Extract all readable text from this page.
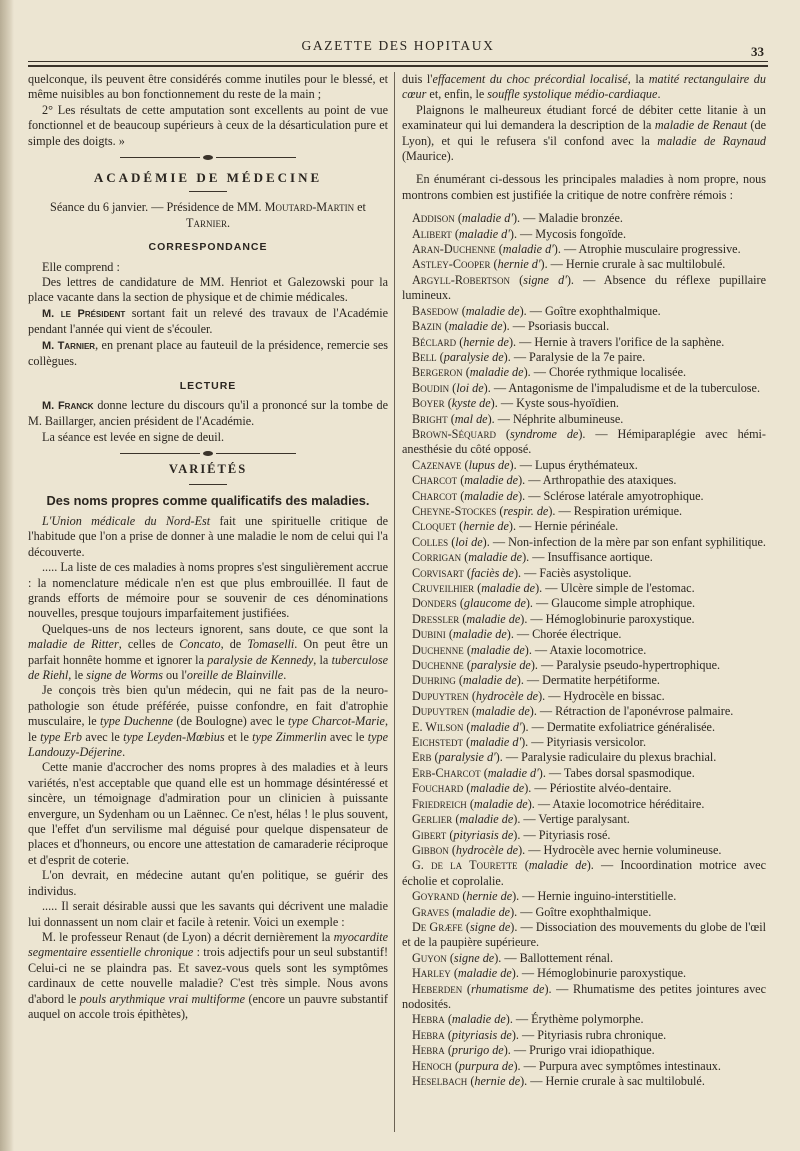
GAZETTE DES HOPITAUX	33

quelconque, ils peuvent être considérés comme inutiles pour le blessé, et même nuisibles au bon fonctionnement du reste de la main ;

2° Les résultats de cette amputation sont excellents au point de vue fonctionnel et de beaucoup supérieurs à ceux de la désarticulation pure et simple des doigts. »

ACADÉMIE DE MÉDECINE

Séance du 6 janvier. — Présidence de MM. Moutard-Martin et Tarnier.

CORRESPONDANCE

Elle comprend :

Des lettres de candidature de MM. Henriot et Galezowski pour la place vacante dans la section de physique et de chimie médicales.

M. le Président sortant fait un relevé des travaux de l'Académie pendant l'année qui vient de s'écouler.

M. Tarnier, en prenant place au fauteuil de la présidence, remercie ses collègues.

LECTURE

M. Franck donne lecture du discours qu'il a prononcé sur la tombe de M. Baillarger, ancien président de l'Académie.

La séance est levée en signe de deuil.

VARIÉTÉS
Des noms propres comme qualificatifs des maladies.

L'Union médicale du Nord-Est fait une spirituelle critique de l'habitude que l'on a prise de donner à une maladie le nom de celui qui l'a découverte.

..... La liste de ces maladies à noms propres s'est singulièrement accrue : la nomenclature médicale n'en est que plus embrouillée. Il faut de grands efforts de mémoire pour se souvenir de ces dénominations nouvelles, presque toujours imparfaitement justifiées.

Quelques-uns de nos lecteurs ignorent, sans doute, ce que sont la maladie de Ritter, celles de Concato, de Tomaselli. On peut être un parfait honnête homme et ignorer la paralysie de Kennedy, la tuberculose de Riehl, le signe de Worms ou l'oreille de Blainville.

Je conçois très bien qu'un médecin, qui ne fait pas de la neuro-pathologie son étude préférée, puisse confondre, en fait d'atrophie musculaire, le type Duchenne (de Boulogne) avec le type Charcot-Marie, le type Erb avec le type Leyden-Mœbius et le type Zimmerlin avec le type Landouzy-Déjerine.

Cette manie d'accrocher des noms propres à des maladies et à leurs variétés, n'est acceptable que quand elle est un hommage désintéressé et sincère, un témoignage d'admiration pour un clinicien à puissante envergure, un Sydenham ou un Laënnec. Ce n'est, hélas ! le plus souvent, que l'effet d'un servilisme mal déguisé pour quelque dispensateur de places et d'honneurs, ou encore une attestation de camaraderie réciproque et d'esprit de coterie.

L'on devrait, en médecine autant qu'en politique, se guérir des individus.

..... Il serait désirable aussi que les savants qui décrivent une maladie lui donnassent un nom clair et facile à retenir. Voici un exemple :

M. le professeur Renaut (de Lyon) a décrit dernièrement la myocardite segmentaire essentielle chronique : trois adjectifs pour un seul substantif! Celui-ci ne se plaindra pas. Et savez-vous quels sont les symptômes cardinaux de cette nouvelle maladie? C'est très simple. Nous avons d'abord le pouls arythmique vrai multiforme (encore un pauvre substantif auquel on accole trois épithètes),

duis l'effacement du choc précordial localisé, la matité rectangulaire du cœur et, enfin, le souffle systolique médio-cardiaque.

Plaignons le malheureux étudiant forcé de débiter cette litanie à un examinateur qui lui demandera la description de la maladie de Renaut (de Lyon), et qui le refusera s'il confond avec la maladie de Raynaud (Maurice).

En énumérant ci-dessous les principales maladies à nom propre, nous montrons combien est justifiée la critique de notre confrère rémois :

Addison (maladie d'). — Maladie bronzée.

Alibert (maladie d'). — Mycosis fongoïde.

Aran-Duchenne (maladie d'). — Atrophie musculaire progressive.

Astley-Cooper (hernie d'). — Hernie crurale à sac multilobulé.

Argyll-Robertson (signe d'). — Absence du réflexe pupillaire lumineux.

Basedow (maladie de). — Goître exophthalmique.

Bazin (maladie de). — Psoriasis buccal.

Béclard (hernie de). — Hernie à travers l'orifice de la saphène.

Bell (paralysie de). — Paralysie de la 7e paire.

Bergeron (maladie de). — Chorée rythmique localisée.

Boudin (loi de). — Antagonisme de l'impaludisme et de la tuberculose.

Boyer (kyste de). — Kyste sous-hyoïdien.

Bright (mal de). — Néphrite albumineuse.

Brown-Séquard (syndrome de). — Hémiparaplégie avec hémi-anesthésie du côté opposé.

Cazenave (lupus de). — Lupus érythémateux.

Charcot (maladie de). — Arthropathie des ataxiques.

Charcot (maladie de). — Sclérose latérale amyotrophique.

Cheyne-Stockes (respir. de). — Respiration urémique.

Cloquet (hernie de). — Hernie périnéale.

Colles (loi de). — Non-infection de la mère par son enfant syphilitique.

Corrigan (maladie de). — Insuffisance aortique.

Corvisart (faciès de). — Faciès asystolique.

Cruveilhier (maladie de). — Ulcère simple de l'estomac.

Donders (glaucome de). — Glaucome simple atrophique.

Dressler (maladie de). — Hémoglobinurie paroxystique.

Dubini (maladie de). — Chorée électrique.

Duchenne (maladie de). — Ataxie locomotrice.

Duchenne (paralysie de). — Paralysie pseudo-hypertrophique.

Duhring (maladie de). — Dermatite herpétiforme.

Dupuytren (hydrocèle de). — Hydrocèle en bissac.

Dupuytren (maladie de). — Rétraction de l'aponévrose palmaire.

E. Wilson (maladie d'). — Dermatite exfoliatrice généralisée.

Eichstedt (maladie d'). — Pityriasis versicolor.

Erb (paralysie d'). — Paralysie radiculaire du plexus brachial.

Erb-Charcot (maladie d'). — Tabes dorsal spasmodique.

Fouchard (maladie de). — Périostite alvéo-dentaire.

Friedreich (maladie de). — Ataxie locomotrice héréditaire.

Gerlier (maladie de). — Vertige paralysant.

Gibert (pityriasis de). — Pityriasis rosé.

Gibbon (hydrocèle de). — Hydrocèle avec hernie volumineuse.

G. de la Tourette (maladie de). — Incoordination motrice avec écholie et coprolalie.

Goyrand (hernie de). — Hernie inguino-interstitielle.

Graves (maladie de). — Goître exophthalmique.

De Græfe (signe de). — Dissociation des mouvements du globe de l'œil et de la paupière supérieure.

Guyon (signe de). — Ballottement rénal.

Harley (maladie de). — Hémoglobinurie paroxystique.

Heberden (rhumatisme de). — Rhumatisme des petites jointures avec nodosités.

Hebra (maladie de). — Érythème polymorphe.

Hebra (pityriasis de). — Pityriasis rubra chronique.

Hebra (prurigo de). — Prurigo vrai idiopathique.

Henoch (purpura de). — Purpura avec symptômes intestinaux.

Heselbach (hernie de). — Hernie crurale à sac multilobulé.
